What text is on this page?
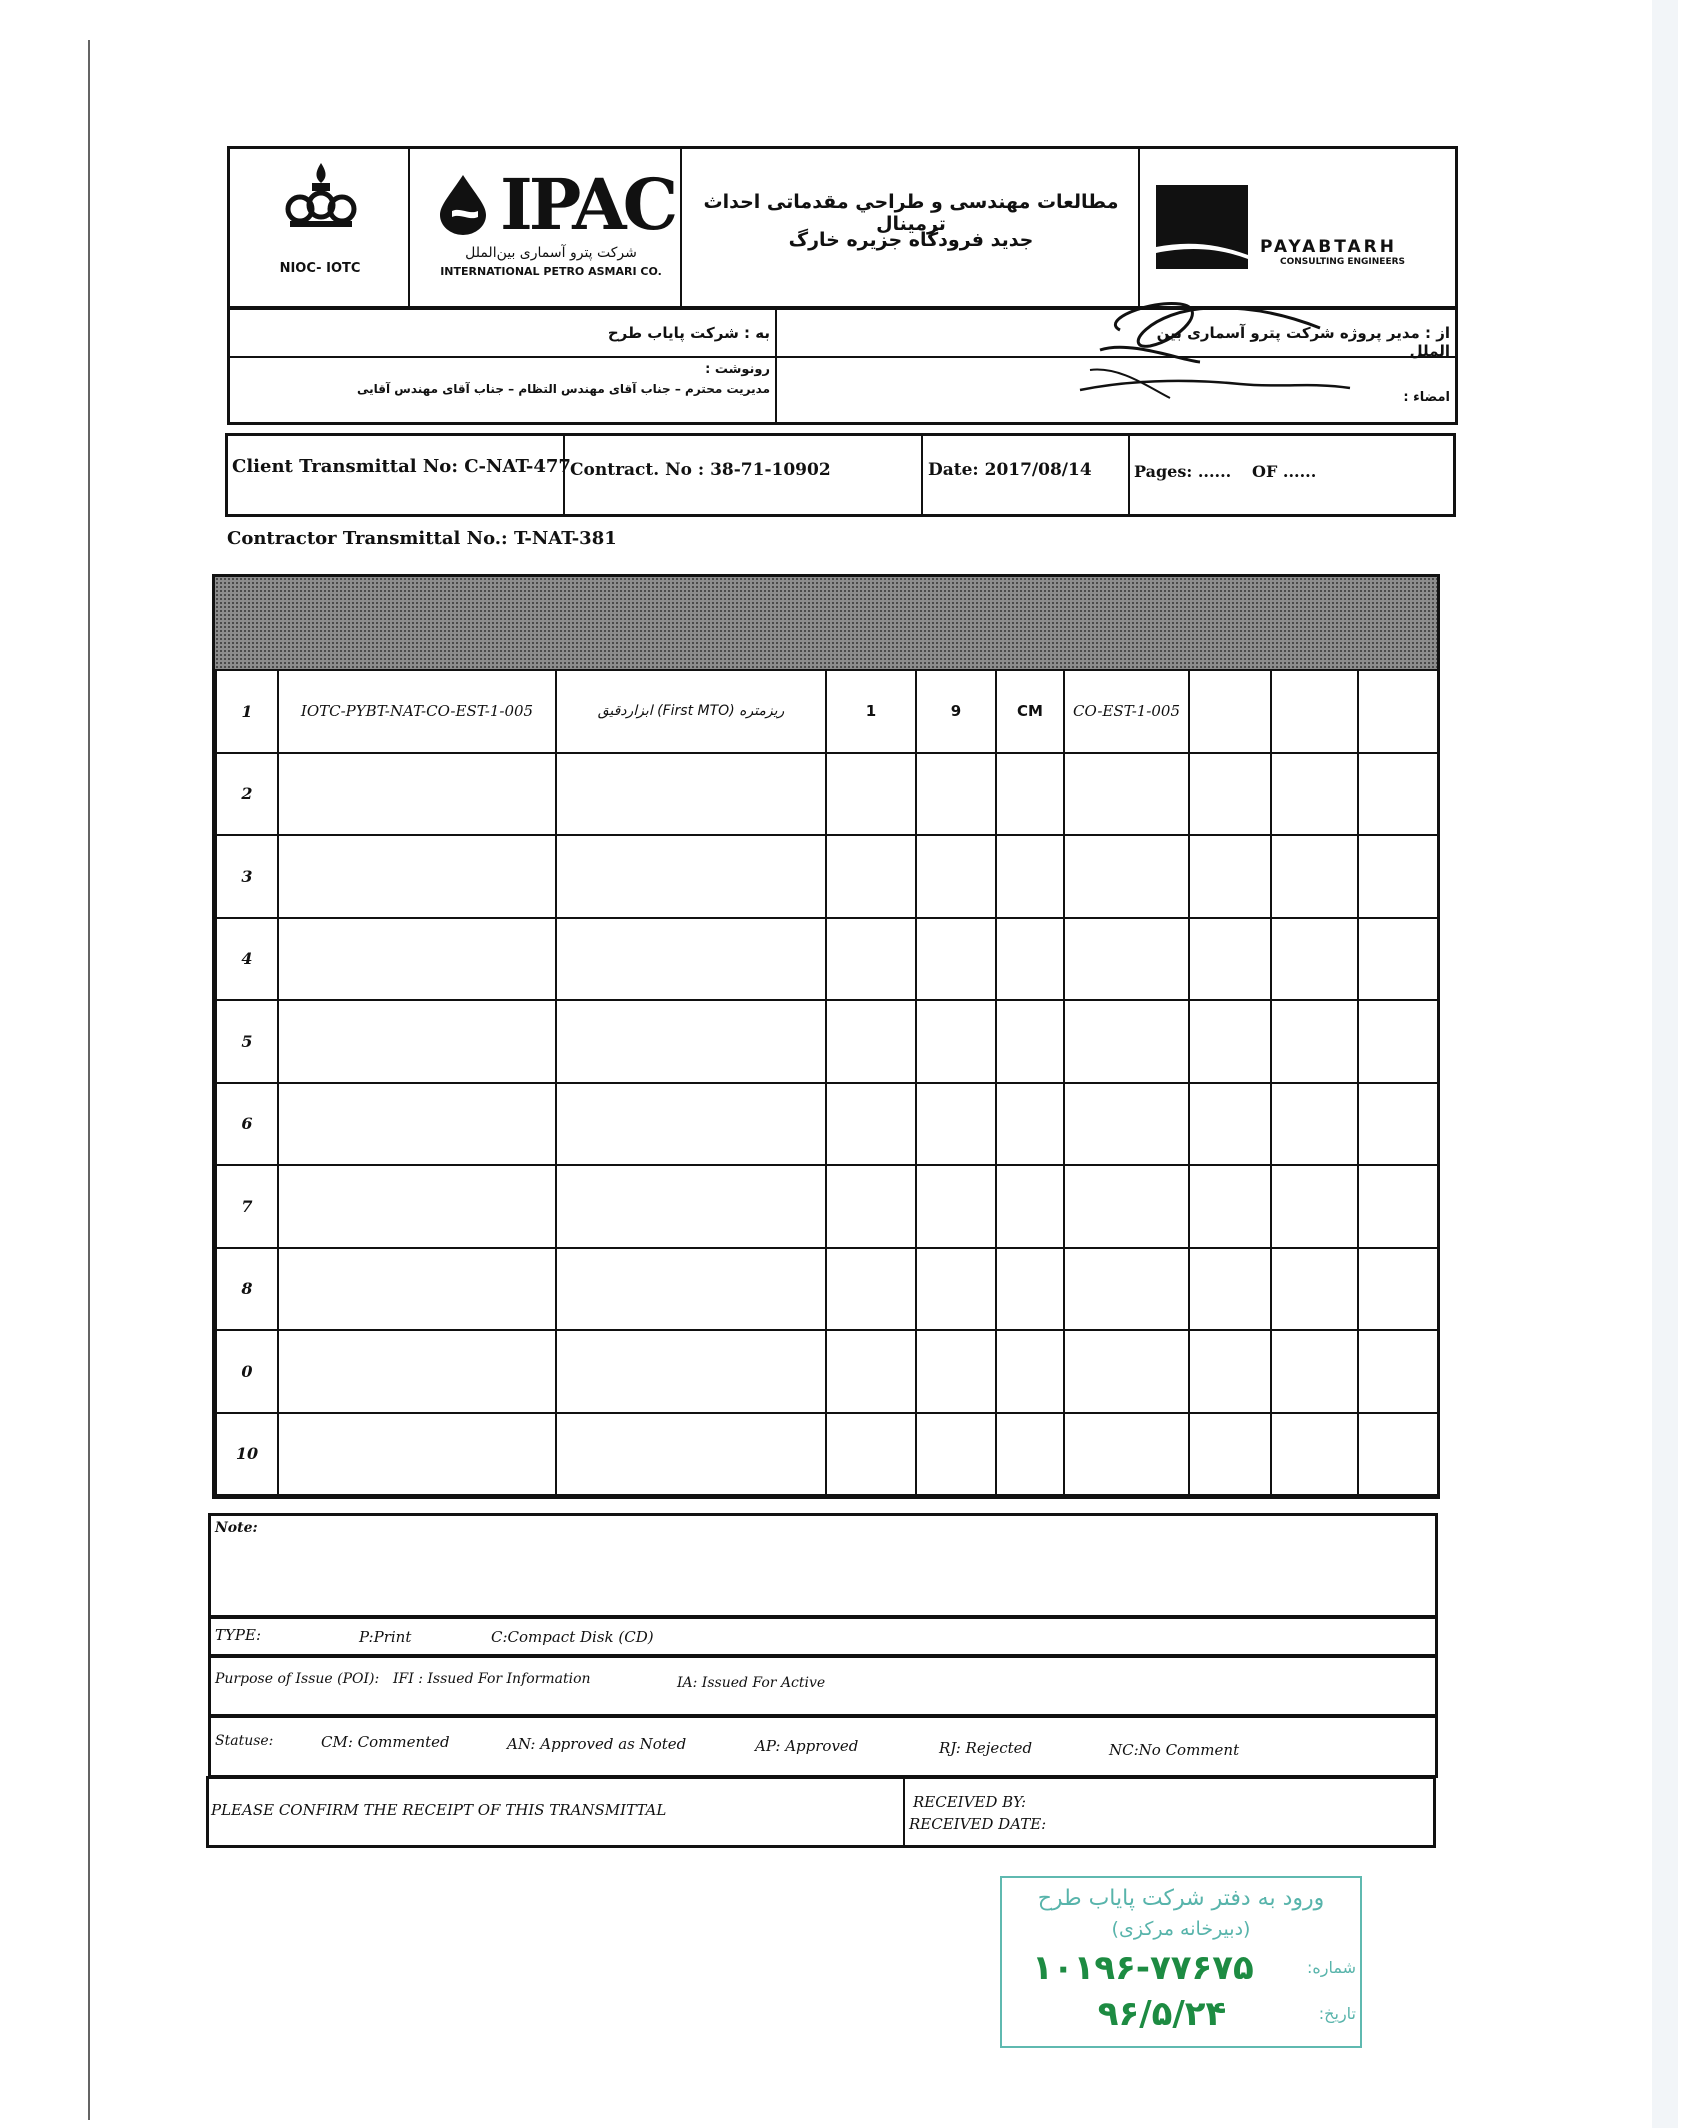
NIOC- IOTC
IPAC
شرکت پترو آسماری بین‌الملل
INTERNATIONAL PETRO ASMARI CO.
مطالعات مهندسی و طراحي مقدماتی احداث ترمینال
جدید فرودگاه جزیره خارگ	PAYABTARH
CONSULTING ENGINEERS
به : شرکت پایاب طرح
رونوشت :
مدیریت محترم – جناب آقای مهندس التظام – جناب آقای مهندس آقایی
از : مدیر پروژه شرکت پترو آسماری بین الملل
امضاء :
Client Transmittal No: C-NAT-477 Contract. No : 38-71-10902	Date: 2017/08/14	Pages: ...... OF ......
Contractor Transmittal No.: T-NAT-381
1	IOTC-PYBT-NAT-CO-EST-1-005	ریزمتره (First MTO) ابزاردقیق	1	9	CM	CO-EST-1-005			
2									
3									
4									
5									
6									
7									
8									
0									
10									
Note:
TYPE:	P:Print	C:Compact Disk (CD)
Purpose of Issue (POI): IFI : Issued For Information	IA: Issued For Active
Statuse:	CM: Commented	AN: Approved as Noted	AP: Approved	RJ: Rejected	NC:No Comment
PLEASE CONFIRM THE RECEIPT OF THIS TRANSMITTAL	RECEIVED BY:
RECEIVED DATE:
ورود به دفتر شرکت پایاب طرح
(دبیرخانه مرکزی)
شماره:
۱۰۱۹۶-۷۷۶۷۵
تاریخ:
۹۶/۵/۲۴
